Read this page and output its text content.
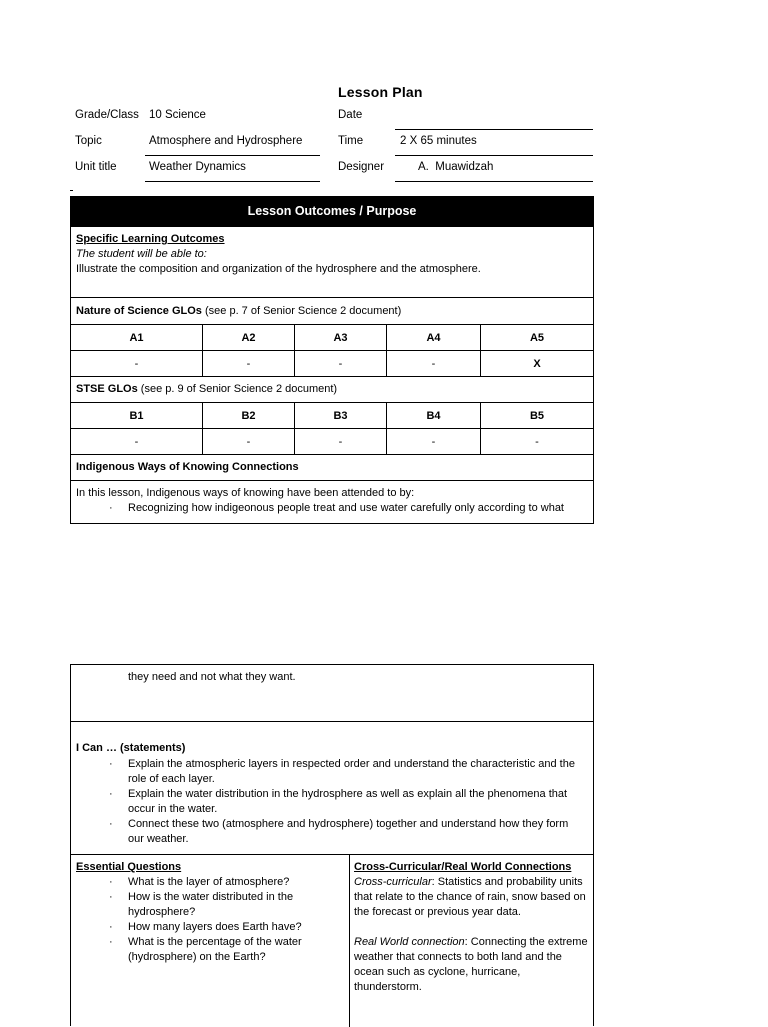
Lesson Plan
Grade/Class 10 Science	Date
Topic	Atmosphere and Hydrosphere	Time	2 X 65 minutes
Unit title	Weather Dynamics	Designer	A.  Muawidzah
Lesson Outcomes / Purpose
Specific Learning Outcomes
The student will be able to:
Illustrate the composition and organization of the hydrosphere and the atmosphere.
Nature of Science GLOs (see p. 7 of Senior Science 2 document)
A1	A2	A3	A4	A5
-	-	-	-	X
STSE GLOs (see p. 9 of Senior Science 2 document)
B1	B2	B3	B4	B5
-	-	-	-	-
Indigenous Ways of Knowing Connections
In this lesson, Indigenous ways of knowing have been attended to by:
· Recognizing how indigeonous people treat and use water carefully only according to what
they need and not what they want.
I Can … (statements)
· Explain the atmospheric layers in respected order and understand the characteristic and the role of each layer.
· Explain the water distribution in the hydrosphere as well as explain all the phenomena that occur in the water.
· Connect these two (atmosphere and hydrosphere) together and understand how they form our weather.
Essential Questions
· What is the layer of atmosphere?
· How is the water distributed in the hydrosphere?
· How many layers does Earth have?
· What is the percentage of the water (hydrosphere) on the Earth?
Cross-Curricular/Real World Connections
Cross-curricular: Statistics and probability units that relate to the chance of rain, snow based on the forecast or previous year data.
Real World connection: Connecting the extreme weather that connects to both land and the ocean such as cyclone, hurricane, thunderstorm.
